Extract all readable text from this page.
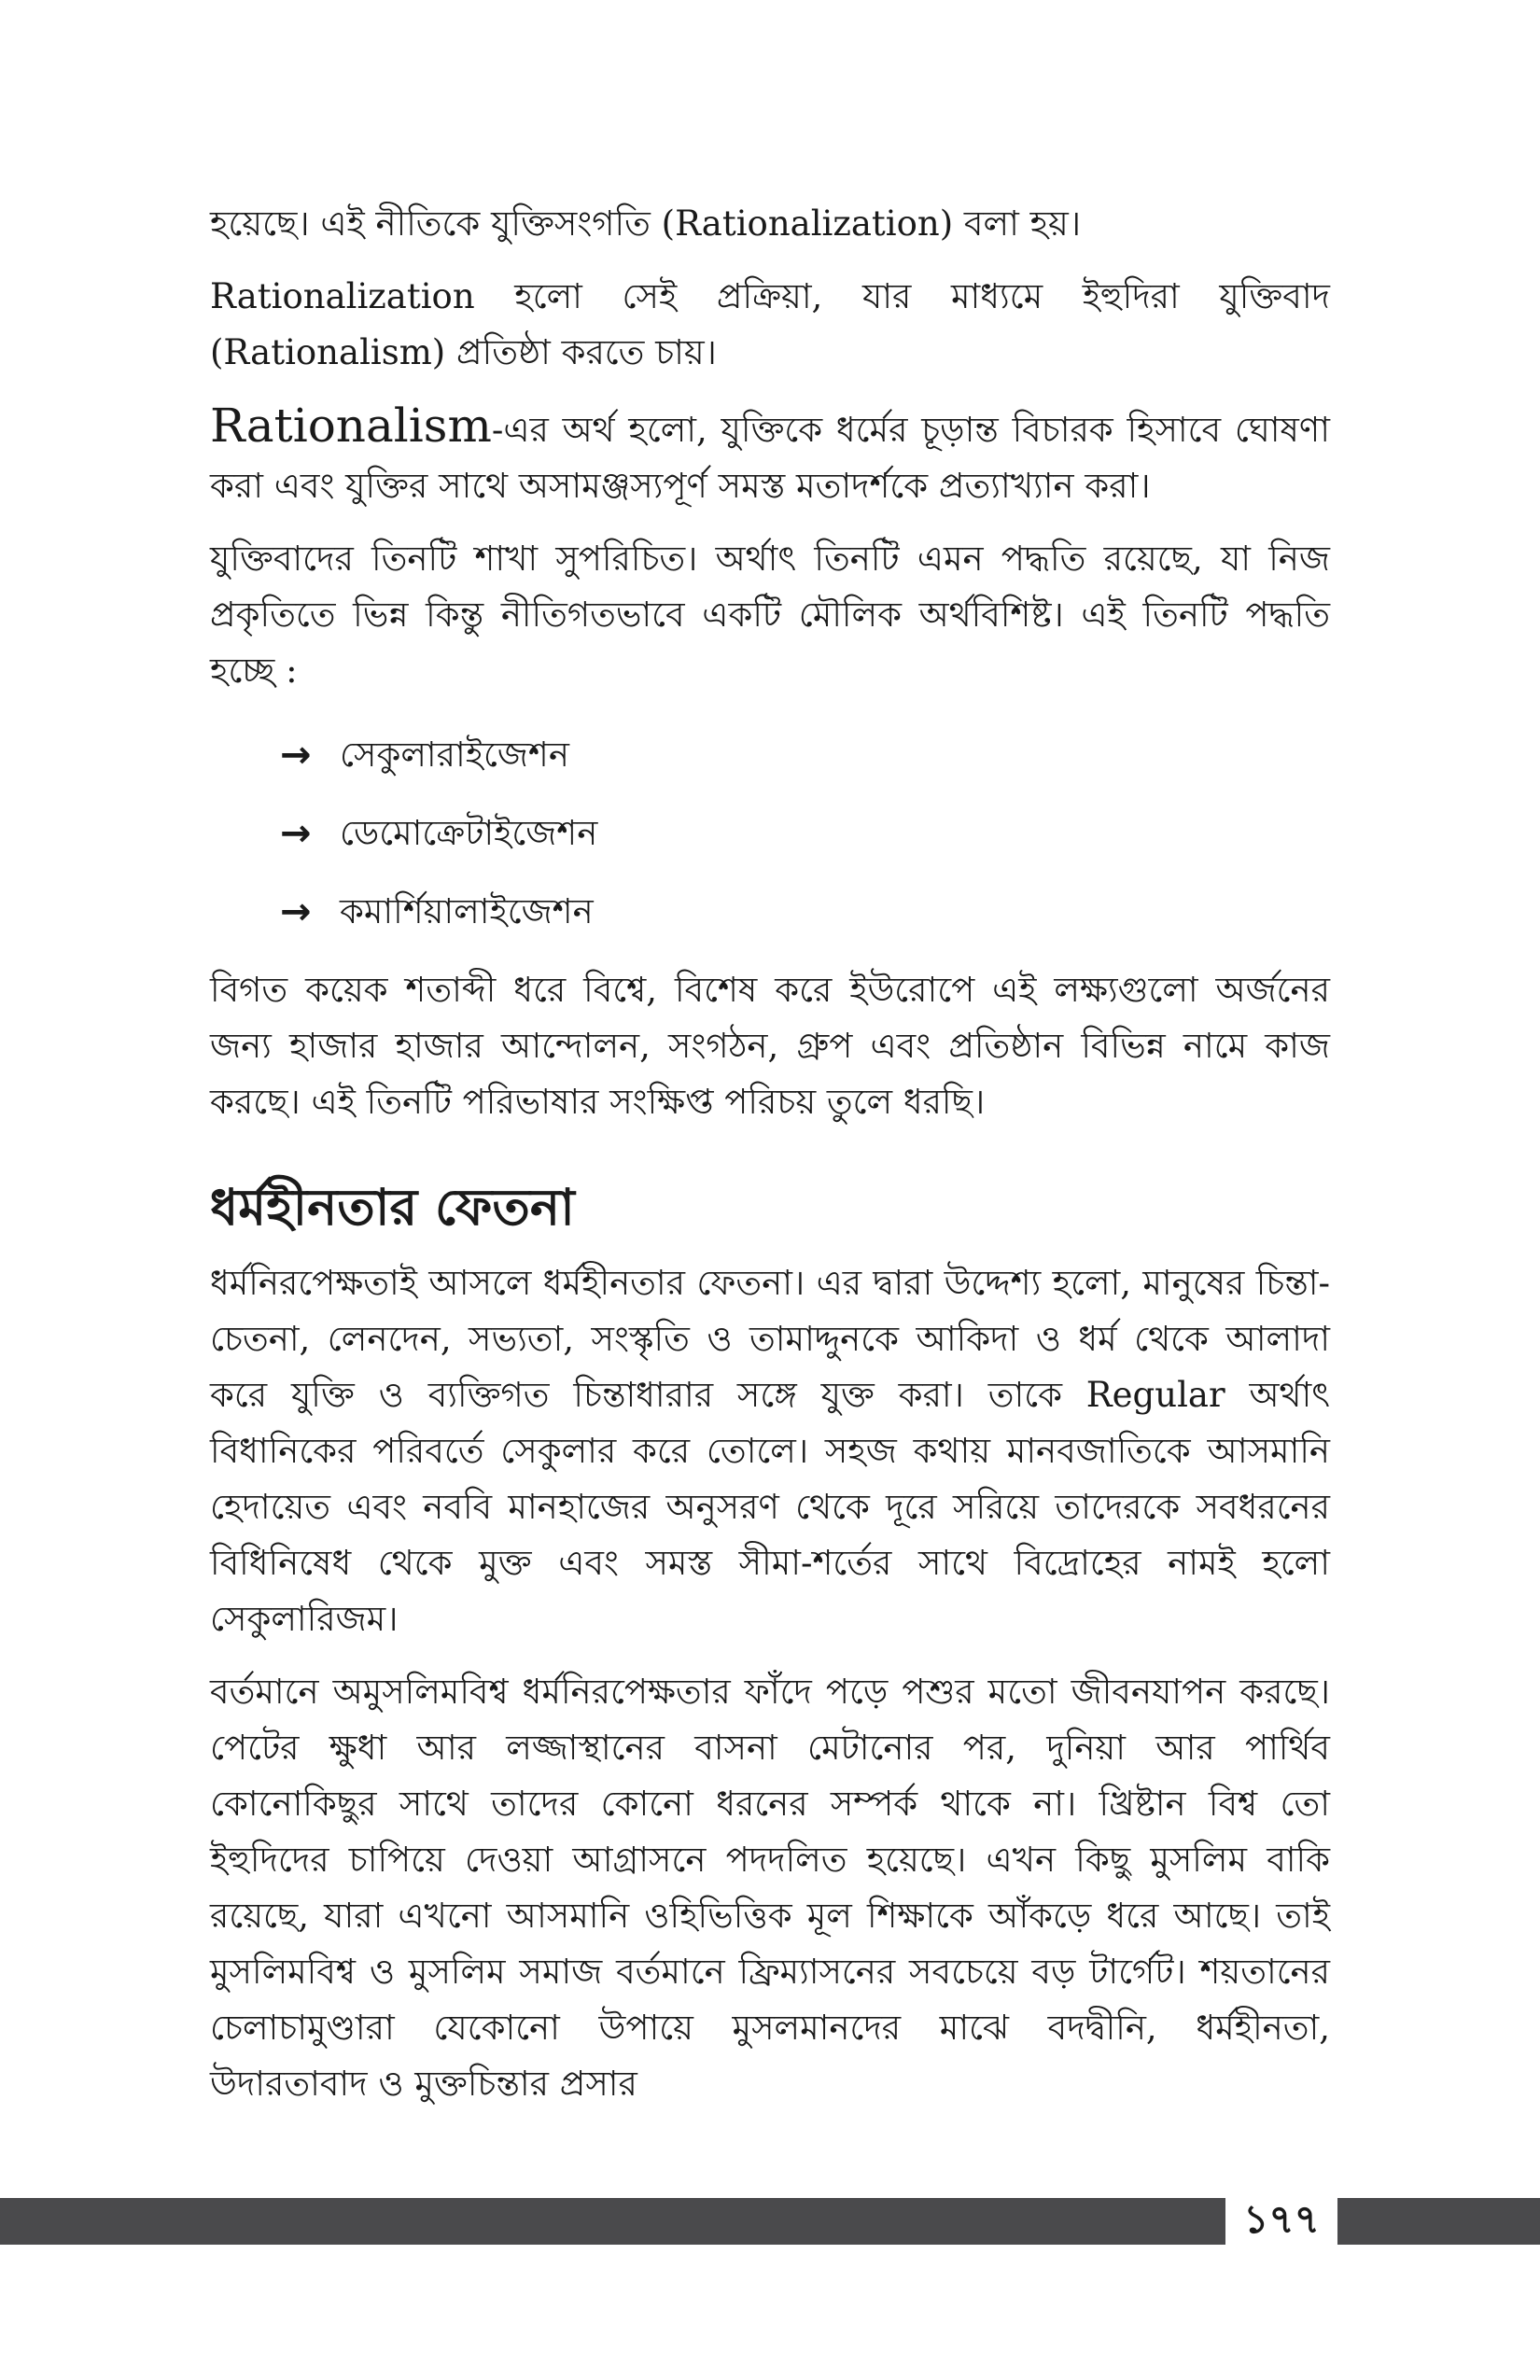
হয়েছে। এই নীতিকে যুক্তিসংগতি (Rationalization) বলা হয়।

Rationalization হলো সেই প্রক্রিয়া, যার মাধ্যমে ইহুদিরা যুক্তিবাদ (Rationalism) প্রতিষ্ঠা করতে চায়।

Rationalism-এর অর্থ হলো, যুক্তিকে ধর্মের চূড়ান্ত বিচারক হিসাবে ঘোষণা করা এবং যুক্তির সাথে অসামঞ্জস্যপূর্ণ সমস্ত মতাদর্শকে প্রত্যাখ্যান করা।

যুক্তিবাদের তিনটি শাখা সুপরিচিত। অর্থাৎ তিনটি এমন পদ্ধতি রয়েছে, যা নিজ প্রকৃতিতে ভিন্ন কিন্তু নীতিগতভাবে একটি মৌলিক অর্থবিশিষ্ট। এই তিনটি পদ্ধতি হচ্ছে :

→ সেকুলারাইজেশন
→ ডেমোক্রেটাইজেশন
→ কমার্শিয়ালাইজেশন

বিগত কয়েক শতাব্দী ধরে বিশ্বে, বিশেষ করে ইউরোপে এই লক্ষ্যগুলো অর্জনের জন্য হাজার হাজার আন্দোলন, সংগঠন, গ্রুপ এবং প্রতিষ্ঠান বিভিন্ন নামে কাজ করছে। এই তিনটি পরিভাষার সংক্ষিপ্ত পরিচয় তুলে ধরছি।

ধর্মহীনতার ফেতনা

ধর্মনিরপেক্ষতাই আসলে ধর্মহীনতার ফেতনা। এর দ্বারা উদ্দেশ্য হলো, মানুষের চিন্তা-চেতনা, লেনদেন, সভ্যতা, সংস্কৃতি ও তামাদ্দুনকে আকিদা ও ধর্ম থেকে আলাদা করে যুক্তি ও ব্যক্তিগত চিন্তাধারার সঙ্গে যুক্ত করা। তাকে Regular অর্থাৎ বিধানিকের পরিবর্তে সেকুলার করে তোলে। সহজ কথায় মানবজাতিকে আসমানি হেদায়েত এবং নববি মানহাজের অনুসরণ থেকে দূরে সরিয়ে তাদেরকে সবধরনের বিধিনিষেধ থেকে মুক্ত এবং সমস্ত সীমা-শর্তের সাথে বিদ্রোহের নামই হলো সেকুলারিজম।

বর্তমানে অমুসলিমবিশ্ব ধর্মনিরপেক্ষতার ফাঁদে পড়ে পশুর মতো জীবনযাপন করছে। পেটের ক্ষুধা আর লজ্জাস্থানের বাসনা মেটানোর পর, দুনিয়া আর পার্থিব কোনোকিছুর সাথে তাদের কোনো ধরনের সম্পর্ক থাকে না। খ্রিষ্টান বিশ্ব তো ইহুদিদের চাপিয়ে দেওয়া আগ্রাসনে পদদলিত হয়েছে। এখন কিছু মুসলিম বাকি রয়েছে, যারা এখনো আসমানি ওহিভিত্তিক মূল শিক্ষাকে আঁকড়ে ধরে আছে। তাই মুসলিমবিশ্ব ও মুসলিম সমাজ বর্তমানে ফ্রিম্যাসনের সবচেয়ে বড় টার্গেট। শয়তানের চেলাচামুণ্ডারা যেকোনো উপায়ে মুসলমানদের মাঝে বদদ্বীনি, ধর্মহীনতা, উদারতাবাদ ও মুক্তচিন্তার প্রসার

১৭৭
